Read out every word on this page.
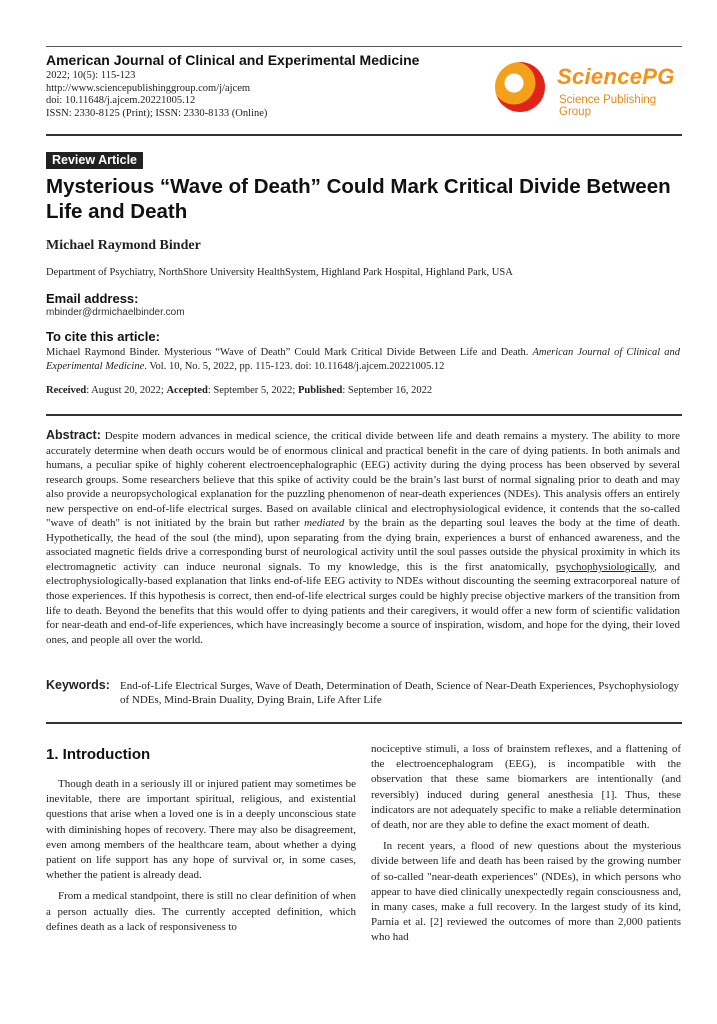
American Journal of Clinical and Experimental Medicine
2022; 10(5): 115-123
http://www.sciencepublishinggroup.com/j/ajcem
doi: 10.11648/j.ajcem.20221005.12
ISSN: 2330-8125 (Print); ISSN: 2330-8133 (Online)
SciencePG
Science Publishing Group
Review Article
Mysterious “Wave of Death” Could Mark Critical Divide Between Life and Death
Michael Raymond Binder
Department of Psychiatry, NorthShore University HealthSystem, Highland Park Hospital, Highland Park, USA
Email address:
mbinder@drmichaelbinder.com
To cite this article:
Michael Raymond Binder. Mysterious “Wave of Death” Could Mark Critical Divide Between Life and Death. American Journal of Clinical and Experimental Medicine. Vol. 10, No. 5, 2022, pp. 115-123. doi: 10.11648/j.ajcem.20221005.12
Received: August 20, 2022; Accepted: September 5, 2022; Published: September 16, 2022
Abstract: Despite modern advances in medical science, the critical divide between life and death remains a mystery. The ability to more accurately determine when death occurs would be of enormous clinical and practical benefit in the care of dying patients. In both animals and humans, a peculiar spike of highly coherent electroencephalographic (EEG) activity during the dying process has been observed by several research groups. Some researchers believe that this spike of activity could be the brain’s last burst of normal signaling prior to death and may also provide a neuropsychological explanation for the puzzling phenomenon of near-death experiences (NDEs). This analysis offers an entirely new perspective on end-of-life electrical surges. Based on available clinical and electrophysiological evidence, it contends that the so-called "wave of death" is not initiated by the brain but rather mediated by the brain as the departing soul leaves the body at the time of death. Hypothetically, the head of the soul (the mind), upon separating from the dying brain, experiences a burst of enhanced awareness, and the associated magnetic fields drive a corresponding burst of neurological activity until the soul passes outside the physical proximity in which its electromagnetic activity can induce neuronal signals. To my knowledge, this is the first anatomically, psychophysiologically, and electrophysiologically-based explanation that links end-of-life EEG activity to NDEs without discounting the seeming extracorporeal nature of those experiences. If this hypothesis is correct, then end-of-life electrical surges could be highly precise objective markers of the transition from life to death. Beyond the benefits that this would offer to dying patients and their caregivers, it would offer a new form of scientific validation for near-death and end-of-life experiences, which have increasingly become a source of inspiration, wisdom, and hope for the dying, their loved ones, and people all over the world.
Keywords: End-of-Life Electrical Surges, Wave of Death, Determination of Death, Science of Near-Death Experiences, Psychophysiology of NDEs, Mind-Brain Duality, Dying Brain, Life After Life
1. Introduction

Though death in a seriously ill or injured patient may sometimes be inevitable, there are important spiritual, religious, and existential questions that arise when a loved one is in a deeply unconscious state with diminishing hopes of recovery. There may also be disagreement, even among members of the healthcare team, about whether a dying patient on life support has any hope of survival or, in some cases, whether the patient is already dead.

From a medical standpoint, there is still no clear definition of when a person actually dies. The currently accepted definition, which defines death as a lack of responsiveness to

nociceptive stimuli, a loss of brainstem reflexes, and a flattening of the electroencephalogram (EEG), is incompatible with the observation that these same biomarkers are intentionally (and reversibly) induced during general anesthesia [1]. Thus, these indicators are not adequately specific to make a reliable determination of death, nor are they able to define the exact moment of death.

In recent years, a flood of new questions about the mysterious divide between life and death has been raised by the growing number of so-called "near-death experiences" (NDEs), in which persons who appear to have died clinically unexpectedly regain consciousness and, in many cases, make a full recovery. In the largest study of its kind, Parnia et al. [2] reviewed the outcomes of more than 2,000 patients who had
